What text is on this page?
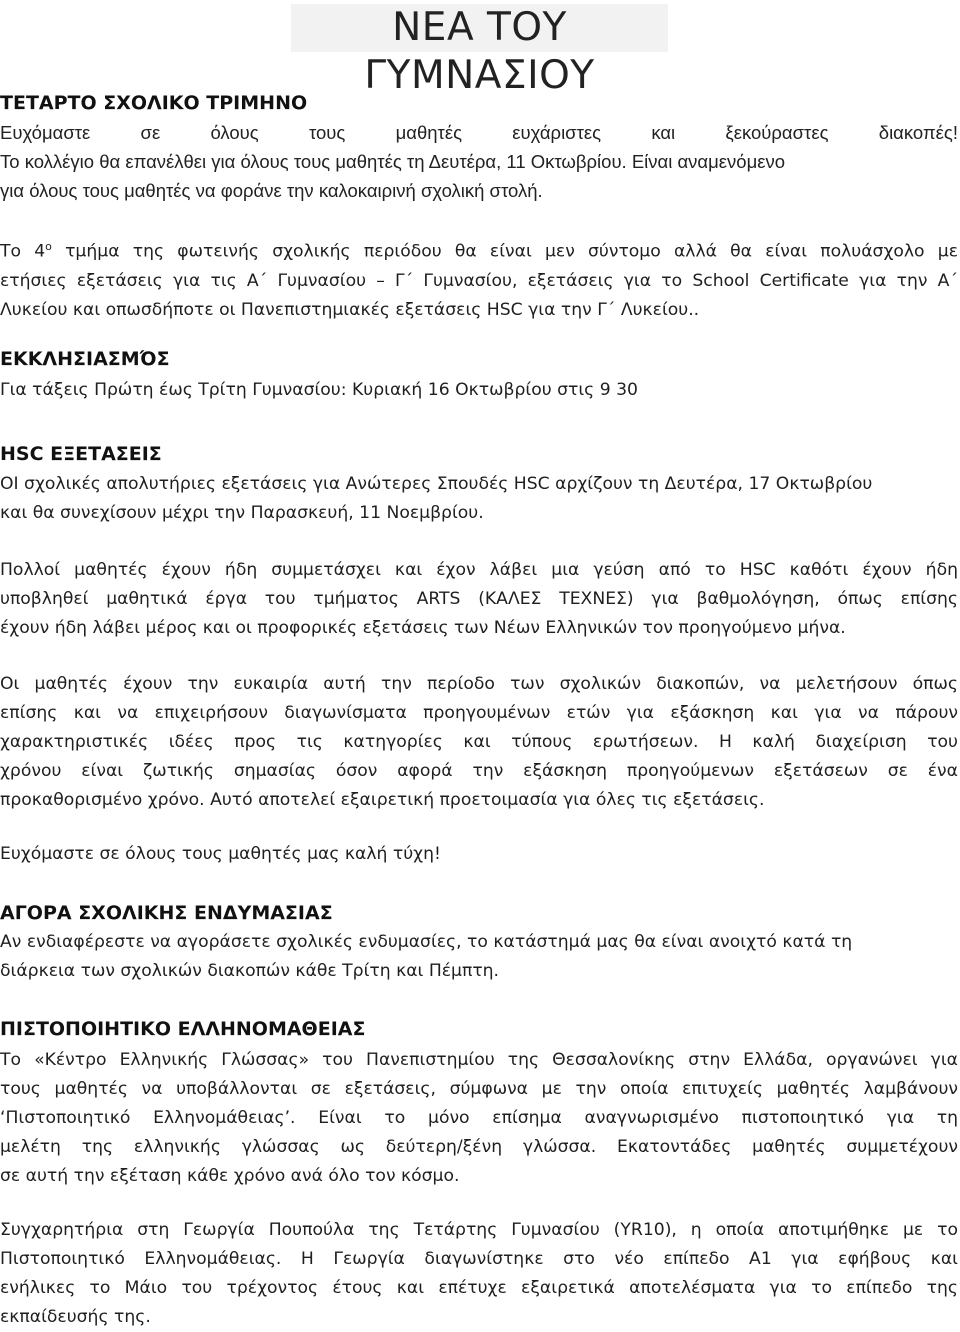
ΝΕΑ ΤΟΥ ΓΥΜΝΑΣΙΟΥ
ΤΕΤΑΡΤΟ ΣΧΟΛΙΚΟ ΤΡΙΜΗΝΟ
Ευχόμαστε σε όλους τους μαθητές ευχάριστες και ξεκούραστες διακοπές!
Το κολλέγιο θα επανέλθει για όλους τους μαθητές τη Δευτέρα, 11 Οκτωβρίου. Είναι αναμενόμενο
για όλους τους μαθητές να φοράνε την καλοκαιρινή σχολική στολή.
Το $4^o$ τμήμα της φωτεινής σχολικής περιόδου θα είναι μεν σύντομο αλλά θα είναι πολυάσχολο με
ετήσιες εξετάσεις για τις Α΄ Γυμνασίου – Γ΄ Γυμνασίου, εξετάσεις για το School Certificate για την Α΄
Λυκείου και οπωσδήποτε οι Πανεπιστημιακές εξετάσεις HSC για την Γ΄ Λυκείου..
ΕΚΚΛΗΣΙΑΣΜΌΣ
Για τάξεις Πρώτη έως Τρίτη Γυμνασίου: Κυριακή 16 Οκτωβρίου στις 9 30
HSC ΕΞΕΤΑΣΕΙΣ
ΟΙ σχολικές απολυτήριες εξετάσεις για Ανώτερες Σπουδές HSC αρχίζουν τη Δευτέρα, 17 Οκτωβρίου
και θα συνεχίσουν μέχρι την Παρασκευή, 11 Νοεμβρίου.
Πολλοί μαθητές έχουν ήδη συμμετάσχει και έχον λάβει μια γεύση από το HSC καθότι έχουν ήδη
υποβληθεί μαθητικά έργα του τμήματος ARTS (ΚΑΛΕΣ ΤΕΧΝΕΣ) για βαθμολόγηση, όπως επίσης
έχουν ήδη λάβει μέρος και οι προφορικές εξετάσεις των Νέων Ελληνικών τον προηγούμενο μήνα.
Οι μαθητές έχουν την ευκαιρία αυτή την περίοδο των σχολικών διακοπών, να μελετήσουν όπως
επίσης και να επιχειρήσουν διαγωνίσματα προηγουμένων ετών για εξάσκηση και για να πάρουν
χαρακτηριστικές ιδέες προς τις κατηγορίες και τύπους ερωτήσεων. Η καλή διαχείριση του
χρόνου είναι ζωτικής σημασίας όσον αφορά την εξάσκηση προηγούμενων εξετάσεων σε ένα
προκαθορισμένο χρόνο. Αυτό αποτελεί εξαιρετική προετοιμασία για όλες τις εξετάσεις.
Ευχόμαστε σε όλους τους μαθητές μας καλή τύχη!
ΑΓΟΡΑ ΣΧΟΛΙΚΗΣ ΕΝΔΥΜΑΣΙΑΣ
Αν ενδιαφέρεστε να αγοράσετε σχολικές ενδυμασίες, το κατάστημά μας θα είναι ανοιχτό κατά τη
διάρκεια των σχολικών διακοπών κάθε Τρίτη και Πέμπτη.
ΠΙΣΤΟΠΟΙΗΤΙΚΟ ΕΛΛΗΝΟΜΑΘΕΙΑΣ
Το «Κέντρο Ελληνικής Γλώσσας» του Πανεπιστημίου της Θεσσαλονίκης στην Ελλάδα, οργανώνει για
τους μαθητές να υποβάλλονται σε εξετάσεις, σύμφωνα με την οποία επιτυχείς μαθητές λαμβάνουν
‘Πιστοποιητικό Ελληνομάθειας’. Είναι το μόνο επίσημα αναγνωρισμένο πιστοποιητικό για τη
μελέτη της ελληνικής γλώσσας ως δεύτερη/ξένη γλώσσα. Εκατοντάδες μαθητές συμμετέχουν
σε αυτή την εξέταση κάθε χρόνο ανά όλο τον κόσμο.
Συγχαρητήρια στη Γεωργία Πουπούλα της Τετάρτης Γυμνασίου (YR10), η οποία αποτιμήθηκε με το
Πιστοποιητικό Ελληνομάθειας. Η Γεωργία διαγωνίστηκε στο νέο επίπεδο Α1 για εφήβους και
ενήλικες το Μάιο του τρέχοντος έτους και επέτυχε εξαιρετικά αποτελέσματα για το επίπεδο της
εκπαίδευσής της.
